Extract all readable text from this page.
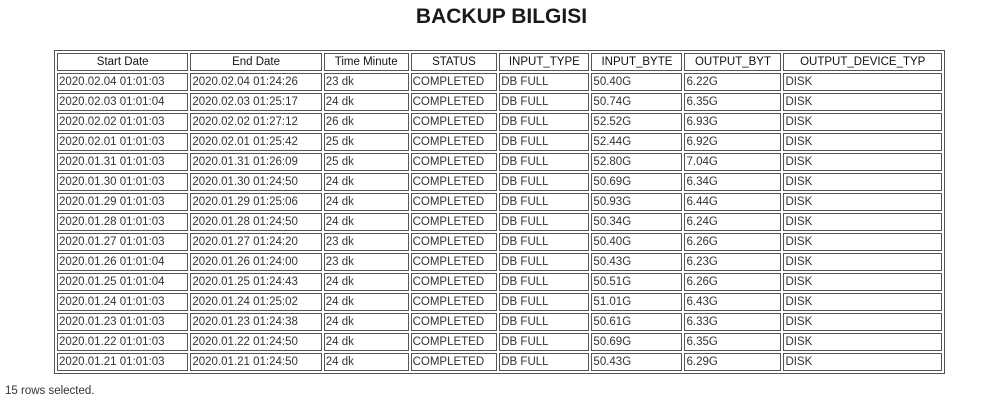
BACKUP BILGISI
Start Date	End Date	Time Minute	STATUS	INPUT_TYPE	INPUT_BYTE	OUTPUT_BYT	OUTPUT_DEVICE_TYP
2020.02.04 01:01:03	2020.02.04 01:24:26	23 dk	COMPLETED	DB FULL	50.40G	6.22G	DISK
2020.02.03 01:01:04	2020.02.03 01:25:17	24 dk	COMPLETED	DB FULL	50.74G	6.35G	DISK
2020.02.02 01:01:03	2020.02.02 01:27:12	26 dk	COMPLETED	DB FULL	52.52G	6.93G	DISK
2020.02.01 01:01:03	2020.02.01 01:25:42	25 dk	COMPLETED	DB FULL	52.44G	6.92G	DISK
2020.01.31 01:01:03	2020.01.31 01:26:09	25 dk	COMPLETED	DB FULL	52.80G	7.04G	DISK
2020.01.30 01:01:03	2020.01.30 01:24:50	24 dk	COMPLETED	DB FULL	50.69G	6.34G	DISK
2020.01.29 01:01:03	2020.01.29 01:25:06	24 dk	COMPLETED	DB FULL	50.93G	6.44G	DISK
2020.01.28 01:01:03	2020.01.28 01:24:50	24 dk	COMPLETED	DB FULL	50.34G	6.24G	DISK
2020.01.27 01:01:03	2020.01.27 01:24:20	23 dk	COMPLETED	DB FULL	50.40G	6.26G	DISK
2020.01.26 01:01:04	2020.01.26 01:24:00	23 dk	COMPLETED	DB FULL	50.43G	6.23G	DISK
2020.01.25 01:01:04	2020.01.25 01:24:43	24 dk	COMPLETED	DB FULL	50.51G	6.26G	DISK
2020.01.24 01:01:03	2020.01.24 01:25:02	24 dk	COMPLETED	DB FULL	51.01G	6.43G	DISK
2020.01.23 01:01:03	2020.01.23 01:24:38	24 dk	COMPLETED	DB FULL	50.61G	6.33G	DISK
2020.01.22 01:01:03	2020.01.22 01:24:50	24 dk	COMPLETED	DB FULL	50.69G	6.35G	DISK
2020.01.21 01:01:03	2020.01.21 01:24:50	24 dk	COMPLETED	DB FULL	50.43G	6.29G	DISK

15 rows selected.
